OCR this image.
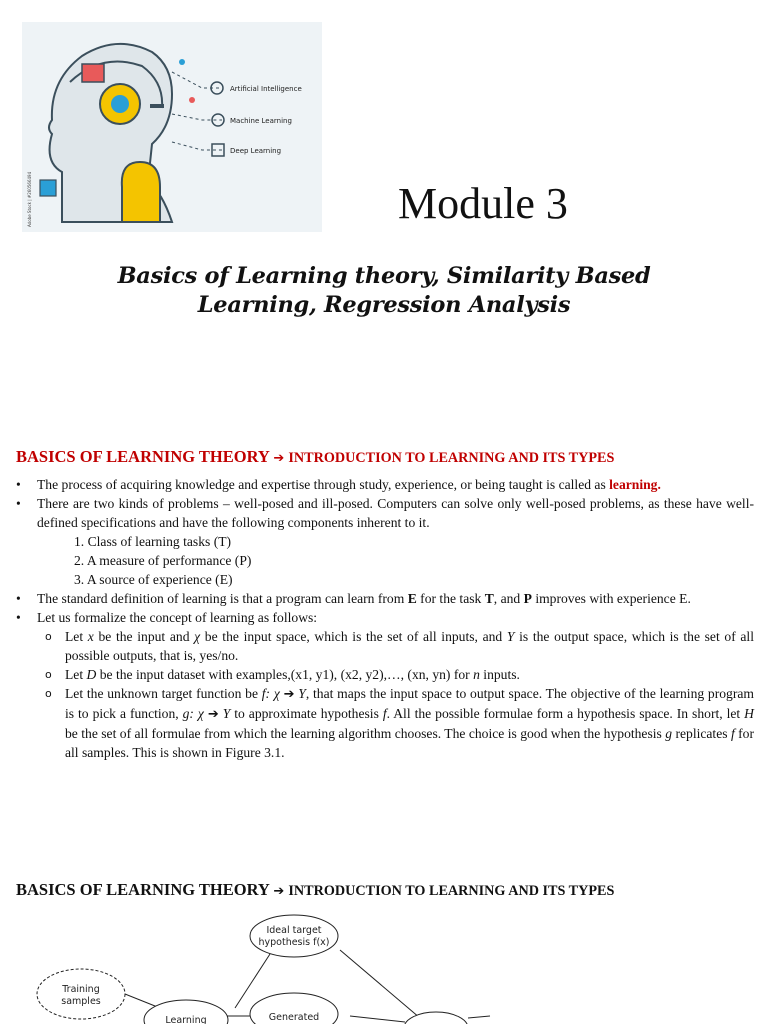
Artificial Intelligence
Machine Learning
Deep Learning
Adobe Stock | #260566494	Module 3
Basics of Learning theory, Similarity Based Learning, Regression Analysis
BASICS OF LEARNING THEORY ➔ INTRODUCTION TO LEARNING AND ITS TYPES
• The process of acquiring knowledge and expertise through study, experience, or being taught is called as learning.
• There are two kinds of problems – well-posed and ill-posed. Computers can solve only well-posed problems, as these have well-defined specifications and have the following components inherent to it.
1. Class of learning tasks (T)
2. A measure of performance (P)
3. A source of experience (E)
• The standard definition of learning is that a program can learn from E for the task T, and P improves with experience E.
• Let us formalize the concept of learning as follows:
o Let x be the input and χ be the input space, which is the set of all inputs, and Y is the output space, which is the set of all possible outputs, that is, yes/no.
o Let D be the input dataset with examples,(x1, y1), (x2, y2),…, (xn, yn) for n inputs.
o Let the unknown target function be f: χ ➔ Y, that maps the input space to output space. The objective of the learning program is to pick a function, g: χ ➔ Y to approximate hypothesis f. All the possible formulae form a hypothesis space. In short, let H be the set of all formulae from which the learning algorithm chooses. The choice is good when the hypothesis g replicates f for all samples. This is shown in Figure 3.1.
BASICS OF LEARNING THEORY ➔ INTRODUCTION TO LEARNING AND ITS TYPES
Ideal target
hypothesis f(x)
Training
samples
Learning	Generated
